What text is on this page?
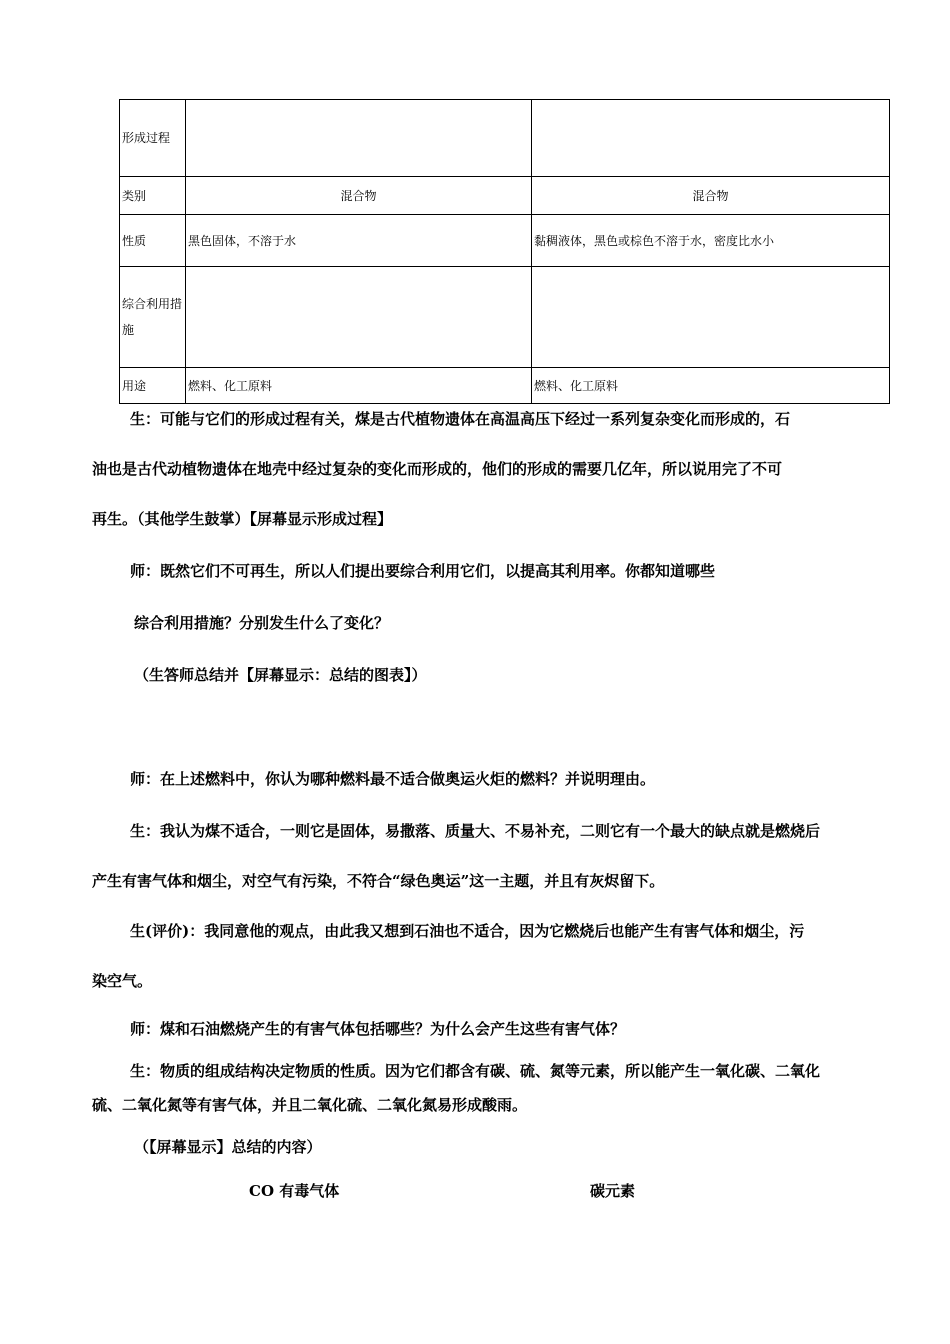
形成过程		
类别	混合物	混合物
性质	黑色固体，不溶于水	黏稠液体，黑色或棕色不溶于水，密度比水小
综合利用措施		
用途	燃料、化工原料	燃料、化工原料
生：可能与它们的形成过程有关，煤是古代植物遗体在高温高压下经过一系列复杂变化而形成的，石
油也是古代动植物遗体在地壳中经过复杂的变化而形成的，他们的形成的需要几亿年，所以说用完了不可
再生。（其他学生鼓掌）【屏幕显示形成过程】
师：既然它们不可再生，所以人们提出要综合利用它们，以提高其利用率。你都知道哪些
综合利用措施？分别发生什么了变化？
（生答师总结并【屏幕显示：总结的图表】）
师：在上述燃料中，你认为哪种燃料最不适合做奥运火炬的燃料？并说明理由。
生：我认为煤不适合，一则它是固体，易撒落、质量大、不易补充，二则它有一个最大的缺点就是燃烧后
产生有害气体和烟尘，对空气有污染，不符合“绿色奥运”这一主题，并且有灰烬留下。
生(评价)：我同意他的观点，由此我又想到石油也不适合，因为它燃烧后也能产生有害气体和烟尘，污
染空气。
师：煤和石油燃烧产生的有害气体包括哪些？为什么会产生这些有害气体？
生：物质的组成结构决定物质的性质。因为它们都含有碳、硫、氮等元素，所以能产生一氧化碳、二氧化
硫、二氧化氮等有害气体，并且二氧化硫、二氧化氮易形成酸雨。
（【屏幕显示】总结的内容）
CO 有毒气体	碳元素
